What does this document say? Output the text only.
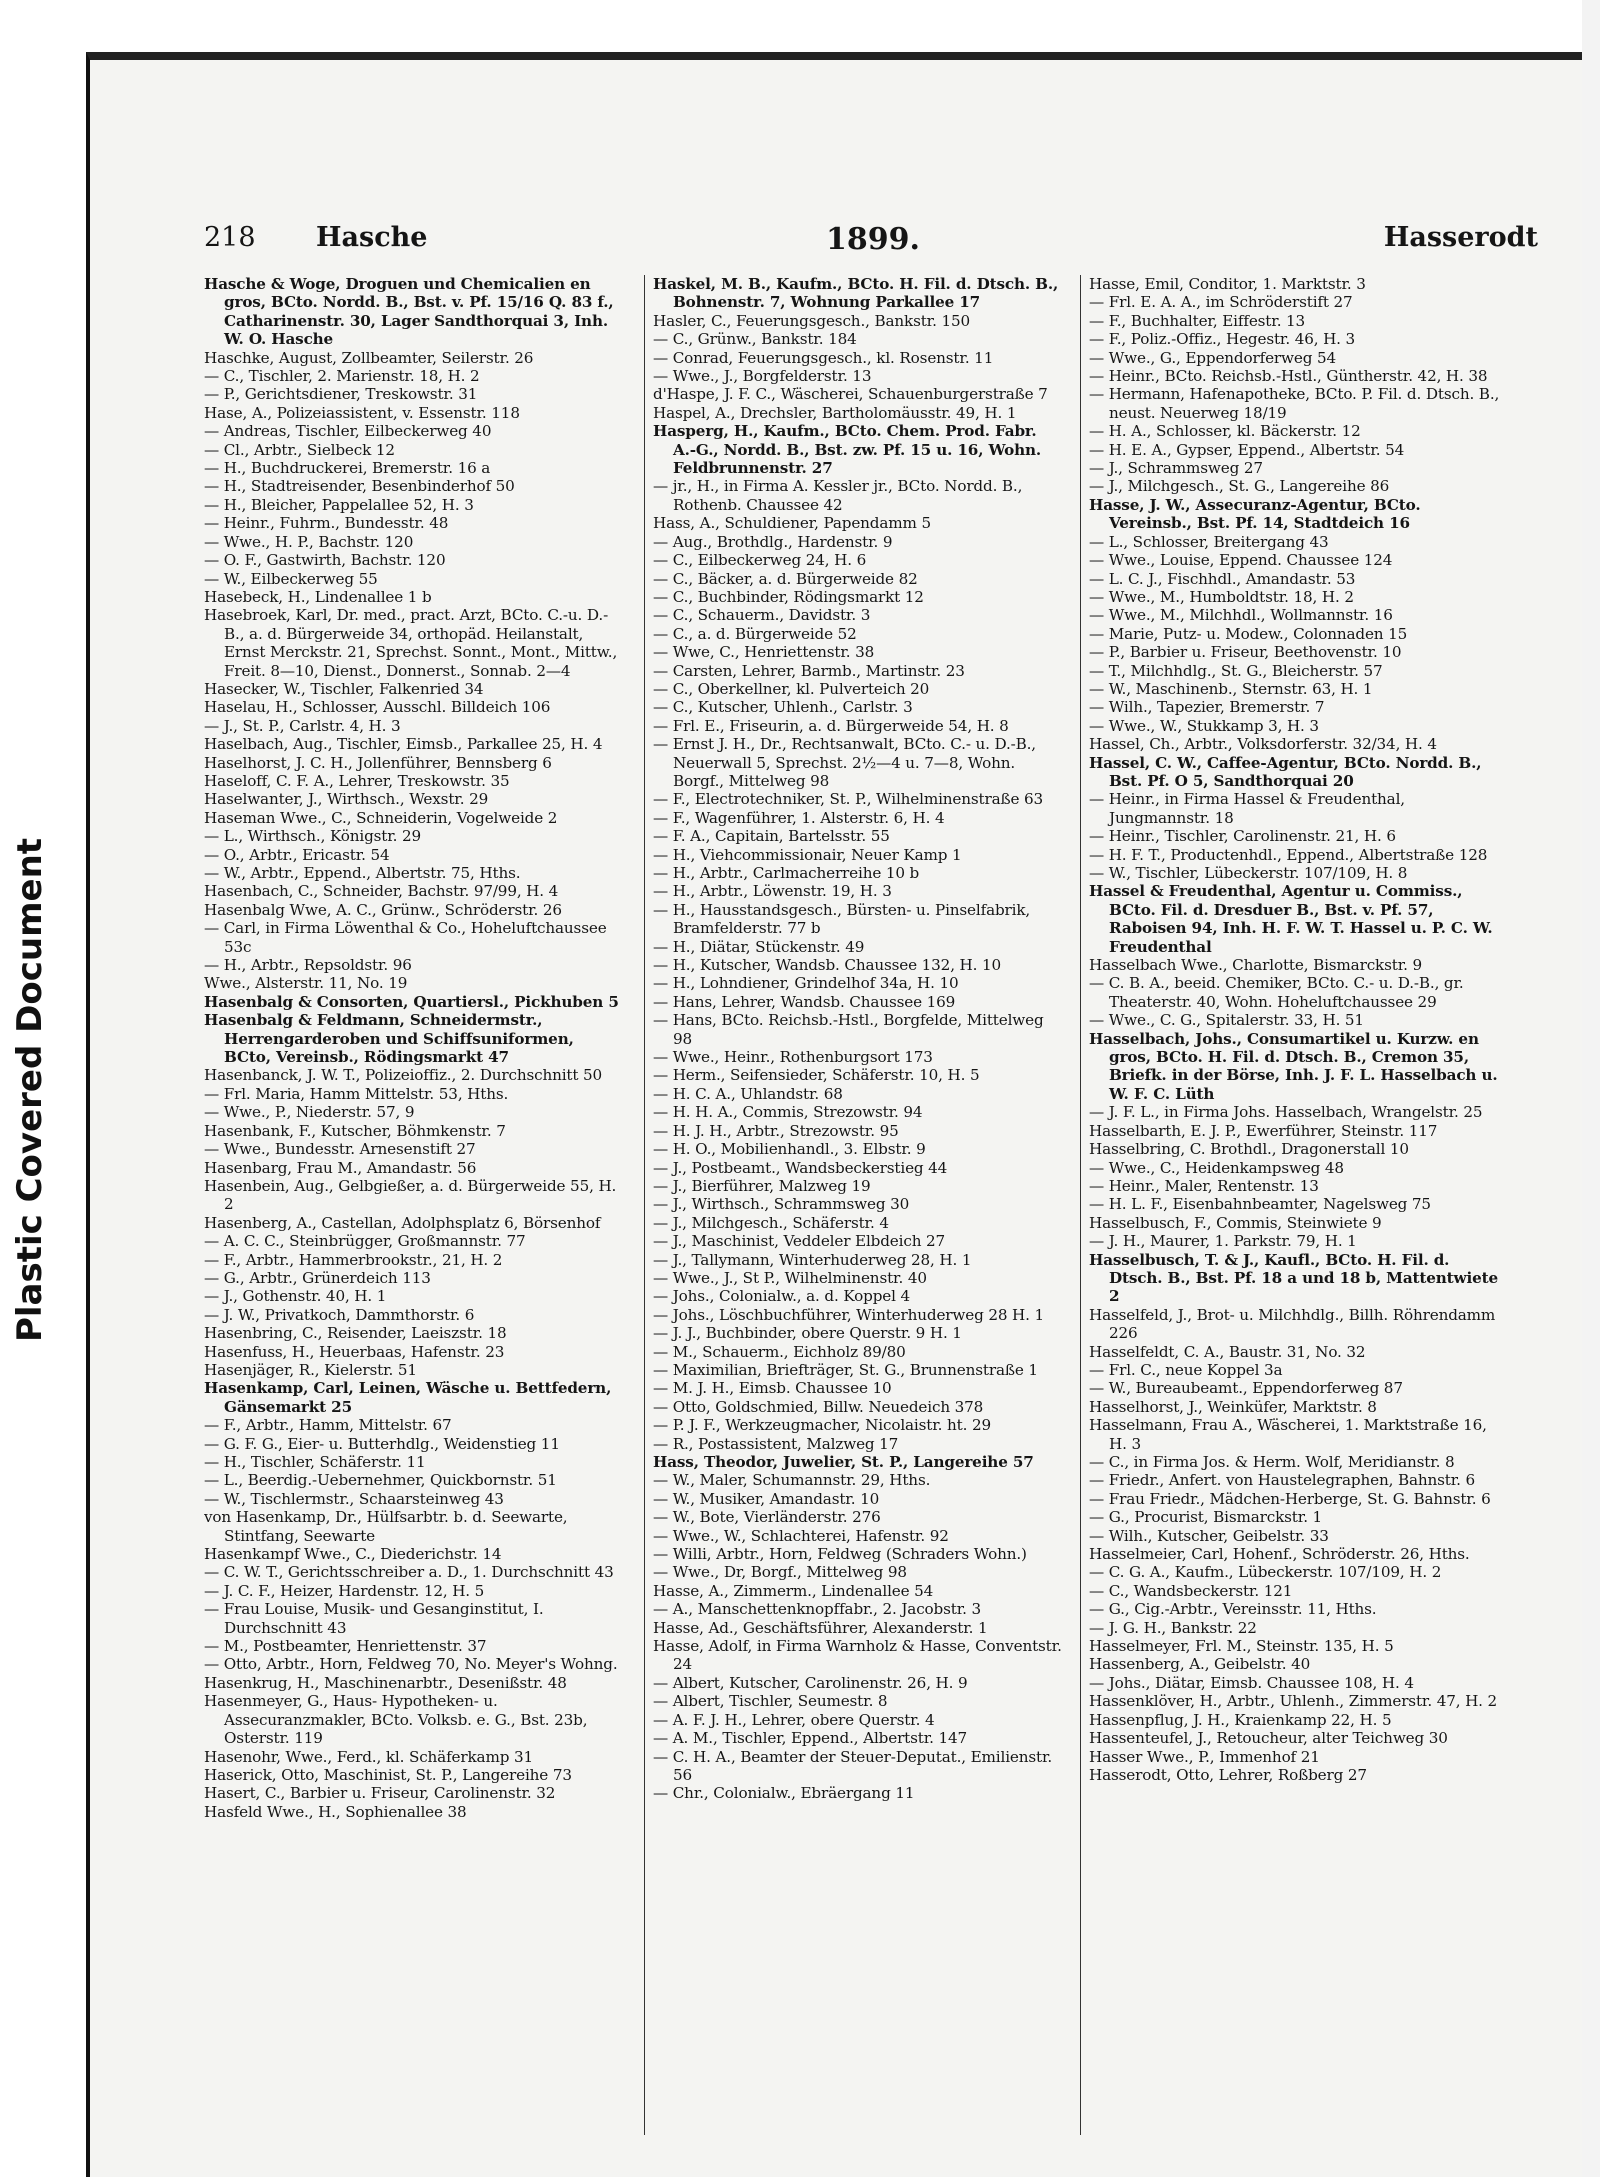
Plastic Covered Document
218 Hasche	1899.	Hasserodt

Hasche & Woge, Droguen und Chemicalien en gros, BCto. Nordd. B., Bst. v. Pf. 15/16 Q. 83 f., Catharinenstr. 30, Lager Sandthorquai 3, Inh. W. O. Hasche

Haschke, August, Zollbeamter, Seilerstr. 26

— C., Tischler, 2. Marienstr. 18, H. 2

— P., Gerichtsdiener, Treskowstr. 31

Hase, A., Polizeiassistent, v. Essenstr. 118

— Andreas, Tischler, Eilbeckerweg 40

— Cl., Arbtr., Sielbeck 12

— H., Buchdruckerei, Bremerstr. 16 a

— H., Stadtreisender, Besenbinderhof 50

— H., Bleicher, Pappelallee 52, H. 3

— Heinr., Fuhrm., Bundesstr. 48

— Wwe., H. P., Bachstr. 120

— O. F., Gastwirth, Bachstr. 120

— W., Eilbeckerweg 55

Hasebeck, H., Lindenallee 1 b

Hasebroek, Karl, Dr. med., pract. Arzt, BCto. C.-u. D.-B., a. d. Bürgerweide 34, orthopäd. Heilanstalt, Ernst Merckstr. 21, Sprechst. Sonnt., Mont., Mittw., Freit. 8—10, Dienst., Donnerst., Sonnab. 2—4

Hasecker, W., Tischler, Falkenried 34

Haselau, H., Schlosser, Ausschl. Billdeich 106

— J., St. P., Carlstr. 4, H. 3

Haselbach, Aug., Tischler, Eimsb., Parkallee 25, H. 4

Haselhorst, J. C. H., Jollenführer, Bennsberg 6

Haseloff, C. F. A., Lehrer, Treskowstr. 35

Haselwanter, J., Wirthsch., Wexstr. 29

Haseman Wwe., C., Schneiderin, Vogelweide 2

— L., Wirthsch., Königstr. 29

— O., Arbtr., Ericastr. 54

— W., Arbtr., Eppend., Albertstr. 75, Hths.

Hasenbach, C., Schneider, Bachstr. 97/99, H. 4

Hasenbalg Wwe, A. C., Grünw., Schröderstr. 26

— Carl, in Firma Löwenthal & Co., Hoheluftchaussee 53c

— H., Arbtr., Repsoldstr. 96

Wwe., Alsterstr. 11, No. 19

Hasenbalg & Consorten, Quartiersl., Pickhuben 5

Hasenbalg & Feldmann, Schneidermstr., Herrengarderoben und Schiffsuniformen, BCto, Vereinsb., Rödingsmarkt 47

Hasenbanck, J. W. T., Polizeioffiz., 2. Durchschnitt 50

— Frl. Maria, Hamm Mittelstr. 53, Hths.

— Wwe., P., Niederstr. 57, 9

Hasenbank, F., Kutscher, Böhmkenstr. 7

— Wwe., Bundesstr. Arnesenstift 27

Hasenbarg, Frau M., Amandastr. 56

Hasenbein, Aug., Gelbgießer, a. d. Bürgerweide 55, H. 2

Hasenberg, A., Castellan, Adolphsplatz 6, Börsenhof

— A. C. C., Steinbrügger, Großmannstr. 77

— F., Arbtr., Hammerbrookstr., 21, H. 2

— G., Arbtr., Grünerdeich 113

— J., Gothenstr. 40, H. 1

— J. W., Privatkoch, Dammthorstr. 6

Hasenbring, C., Reisender, Laeiszstr. 18

Hasenfuss, H., Heuerbaas, Hafenstr. 23

Hasenjäger, R., Kielerstr. 51

Hasenkamp, Carl, Leinen, Wäsche u. Bettfedern, Gänsemarkt 25

— F., Arbtr., Hamm, Mittelstr. 67

— G. F. G., Eier- u. Butterhdlg., Weidenstieg 11

— H., Tischler, Schäferstr. 11

— L., Beerdig.-Uebernehmer, Quickbornstr. 51

— W., Tischlermstr., Schaarsteinweg 43

von Hasenkamp, Dr., Hülfsarbtr. b. d. Seewarte, Stintfang, Seewarte

Hasenkampf Wwe., C., Diederichstr. 14

— C. W. T., Gerichtsschreiber a. D., 1. Durchschnitt 43

— J. C. F., Heizer, Hardenstr. 12, H. 5

— Frau Louise, Musik- und Gesanginstitut, I. Durchschnitt 43

— M., Postbeamter, Henriettenstr. 37

— Otto, Arbtr., Horn, Feldweg 70, No. Meyer's Wohng.

Hasenkrug, H., Maschinenarbtr., Desenißstr. 48

Hasenmeyer, G., Haus- Hypotheken- u. Assecuranzmakler, BCto. Volksb. e. G., Bst. 23b, Osterstr. 119

Hasenohr, Wwe., Ferd., kl. Schäferkamp 31

Haserick, Otto, Maschinist, St. P., Langereihe 73

Hasert, C., Barbier u. Friseur, Carolinenstr. 32

Hasfeld Wwe., H., Sophienallee 38

Haskel, M. B., Kaufm., BCto. H. Fil. d. Dtsch. B., Bohnenstr. 7, Wohnung Parkallee 17

Hasler, C., Feuerungsgesch., Bankstr. 150

— C., Grünw., Bankstr. 184

— Conrad, Feuerungsgesch., kl. Rosenstr. 11

— Wwe., J., Borgfelderstr. 13

d'Haspe, J. F. C., Wäscherei, Schauenburgerstraße 7

Haspel, A., Drechsler, Bartholomäusstr. 49, H. 1

Hasperg, H., Kaufm., BCto. Chem. Prod. Fabr. A.-G., Nordd. B., Bst. zw. Pf. 15 u. 16, Wohn. Feldbrunnenstr. 27

— jr., H., in Firma A. Kessler jr., BCto. Nordd. B., Rothenb. Chaussee 42

Hass, A., Schuldiener, Papendamm 5

— Aug., Brothdlg., Hardenstr. 9

— C., Eilbeckerweg 24, H. 6

— C., Bäcker, a. d. Bürgerweide 82

— C., Buchbinder, Rödingsmarkt 12

— C., Schauerm., Davidstr. 3

— C., a. d. Bürgerweide 52

— Wwe, C., Henriettenstr. 38

— Carsten, Lehrer, Barmb., Martinstr. 23

— C., Oberkellner, kl. Pulverteich 20

— C., Kutscher, Uhlenh., Carlstr. 3

— Frl. E., Friseurin, a. d. Bürgerweide 54, H. 8

— Ernst J. H., Dr., Rechtsanwalt, BCto. C.- u. D.-B., Neuerwall 5, Sprechst. 2½—4 u. 7—8, Wohn. Borgf., Mittelweg 98

— F., Electrotechniker, St. P., Wilhelminenstraße 63

— F., Wagenführer, 1. Alsterstr. 6, H. 4

— F. A., Capitain, Bartelsstr. 55

— H., Viehcommissionair, Neuer Kamp 1

— H., Arbtr., Carlmacherreihe 10 b

— H., Arbtr., Löwenstr. 19, H. 3

— H., Hausstandsgesch., Bürsten- u. Pinselfabrik, Bramfelderstr. 77 b

— H., Diätar, Stückenstr. 49

— H., Kutscher, Wandsb. Chaussee 132, H. 10

— H., Lohndiener, Grindelhof 34a, H. 10

— Hans, Lehrer, Wandsb. Chaussee 169

— Hans, BCto. Reichsb.-Hstl., Borgfelde, Mittelweg 98

— Wwe., Heinr., Rothenburgsort 173

— Herm., Seifensieder, Schäferstr. 10, H. 5

— H. C. A., Uhlandstr. 68

— H. H. A., Commis, Strezowstr. 94

— H. J. H., Arbtr., Strezowstr. 95

— H. O., Mobilienhandl., 3. Elbstr. 9

— J., Postbeamt., Wandsbeckerstieg 44

— J., Bierführer, Malzweg 19

— J., Wirthsch., Schrammsweg 30

— J., Milchgesch., Schäferstr. 4

— J., Maschinist, Veddeler Elbdeich 27

— J., Tallymann, Winterhuderweg 28, H. 1

— Wwe., J., St P., Wilhelminenstr. 40

— Johs., Colonialw., a. d. Koppel 4

— Johs., Löschbuchführer, Winterhuderweg 28 H. 1

— J. J., Buchbinder, obere Querstr. 9 H. 1

— M., Schauerm., Eichholz 89/80

— Maximilian, Briefträger, St. G., Brunnenstraße 1

— M. J. H., Eimsb. Chaussee 10

— Otto, Goldschmied, Billw. Neuedeich 378

— P. J. F., Werkzeugmacher, Nicolaistr. ht. 29

— R., Postassistent, Malzweg 17

Hass, Theodor, Juwelier, St. P., Langereihe 57

— W., Maler, Schumannstr. 29, Hths.

— W., Musiker, Amandastr. 10

— W., Bote, Vierländerstr. 276

— Wwe., W., Schlachterei, Hafenstr. 92

— Willi, Arbtr., Horn, Feldweg (Schraders Wohn.)

— Wwe., Dr, Borgf., Mittelweg 98

Hasse, A., Zimmerm., Lindenallee 54

— A., Manschettenknopffabr., 2. Jacobstr. 3

Hasse, Ad., Geschäftsführer, Alexanderstr. 1

Hasse, Adolf, in Firma Warnholz & Hasse, Conventstr. 24

— Albert, Kutscher, Carolinenstr. 26, H. 9

— Albert, Tischler, Seumestr. 8

— A. F. J. H., Lehrer, obere Querstr. 4

— A. M., Tischler, Eppend., Albertstr. 147

— C. H. A., Beamter der Steuer-Deputat., Emilienstr. 56

— Chr., Colonialw., Ebräergang 11

Hasse, Emil, Conditor, 1. Marktstr. 3

— Frl. E. A. A., im Schröderstift 27

— F., Buchhalter, Eiffestr. 13

— F., Poliz.-Offiz., Hegestr. 46, H. 3

— Wwe., G., Eppendorferweg 54

— Heinr., BCto. Reichsb.-Hstl., Güntherstr. 42, H. 38

— Hermann, Hafenapotheke, BCto. P. Fil. d. Dtsch. B., neust. Neuerweg 18/19

— H. A., Schlosser, kl. Bäckerstr. 12

— H. E. A., Gypser, Eppend., Albertstr. 54

— J., Schrammsweg 27

— J., Milchgesch., St. G., Langereihe 86

Hasse, J. W., Assecuranz-Agentur, BCto. Vereinsb., Bst. Pf. 14, Stadtdeich 16

— L., Schlosser, Breitergang 43

— Wwe., Louise, Eppend. Chaussee 124

— L. C. J., Fischhdl., Amandastr. 53

— Wwe., M., Humboldtstr. 18, H. 2

— Wwe., M., Milchhdl., Wollmannstr. 16

— Marie, Putz- u. Modew., Colonnaden 15

— P., Barbier u. Friseur, Beethovenstr. 10

— T., Milchhdlg., St. G., Bleicherstr. 57

— W., Maschinenb., Sternstr. 63, H. 1

— Wilh., Tapezier, Bremerstr. 7

— Wwe., W., Stukkamp 3, H. 3

Hassel, Ch., Arbtr., Volksdorferstr. 32/34, H. 4

Hassel, C. W., Caffee-Agentur, BCto. Nordd. B., Bst. Pf. O 5, Sandthorquai 20

— Heinr., in Firma Hassel & Freudenthal, Jungmannstr. 18

— Heinr., Tischler, Carolinenstr. 21, H. 6

— H. F. T., Productenhdl., Eppend., Albertstraße 128

— W., Tischler, Lübeckerstr. 107/109, H. 8

Hassel & Freudenthal, Agentur u. Commiss., BCto. Fil. d. Dresduer B., Bst. v. Pf. 57, Raboisen 94, Inh. H. F. W. T. Hassel u. P. C. W. Freudenthal

Hasselbach Wwe., Charlotte, Bismarckstr. 9

— C. B. A., beeid. Chemiker, BCto. C.- u. D.-B., gr. Theaterstr. 40, Wohn. Hoheluftchaussee 29

— Wwe., C. G., Spitalerstr. 33, H. 51

Hasselbach, Johs., Consumartikel u. Kurzw. en gros, BCto. H. Fil. d. Dtsch. B., Cremon 35, Briefk. in der Börse, Inh. J. F. L. Hasselbach u. W. F. C. Lüth

— J. F. L., in Firma Johs. Hasselbach, Wrangelstr. 25

Hasselbarth, E. J. P., Ewerführer, Steinstr. 117

Hasselbring, C. Brothdl., Dragonerstall 10

— Wwe., C., Heidenkampsweg 48

— Heinr., Maler, Rentenstr. 13

— H. L. F., Eisenbahnbeamter, Nagelsweg 75

Hasselbusch, F., Commis, Steinwiete 9

— J. H., Maurer, 1. Parkstr. 79, H. 1

Hasselbusch, T. & J., Kaufl., BCto. H. Fil. d. Dtsch. B., Bst. Pf. 18 a und 18 b, Mattentwiete 2

Hasselfeld, J., Brot- u. Milchhdlg., Billh. Röhrendamm 226

Hasselfeldt, C. A., Baustr. 31, No. 32

— Frl. C., neue Koppel 3a

— W., Bureaubeamt., Eppendorferweg 87

Hasselhorst, J., Weinküfer, Marktstr. 8

Hasselmann, Frau A., Wäscherei, 1. Marktstraße 16, H. 3

— C., in Firma Jos. & Herm. Wolf, Meridianstr. 8

— Friedr., Anfert. von Haustelegraphen, Bahnstr. 6

— Frau Friedr., Mädchen-Herberge, St. G. Bahnstr. 6

— G., Procurist, Bismarckstr. 1

— Wilh., Kutscher, Geibelstr. 33

Hasselmeier, Carl, Hohenf., Schröderstr. 26, Hths.

— C. G. A., Kaufm., Lübeckerstr. 107/109, H. 2

— C., Wandsbeckerstr. 121

— G., Cig.-Arbtr., Vereinsstr. 11, Hths.

— J. G. H., Bankstr. 22

Hasselmeyer, Frl. M., Steinstr. 135, H. 5

Hassenberg, A., Geibelstr. 40

— Johs., Diätar, Eimsb. Chaussee 108, H. 4

Hassenklöver, H., Arbtr., Uhlenh., Zimmerstr. 47, H. 2

Hassenpflug, J. H., Kraienkamp 22, H. 5

Hassenteufel, J., Retoucheur, alter Teichweg 30

Hasser Wwe., P., Immenhof 21

Hasserodt, Otto, Lehrer, Roßberg 27
